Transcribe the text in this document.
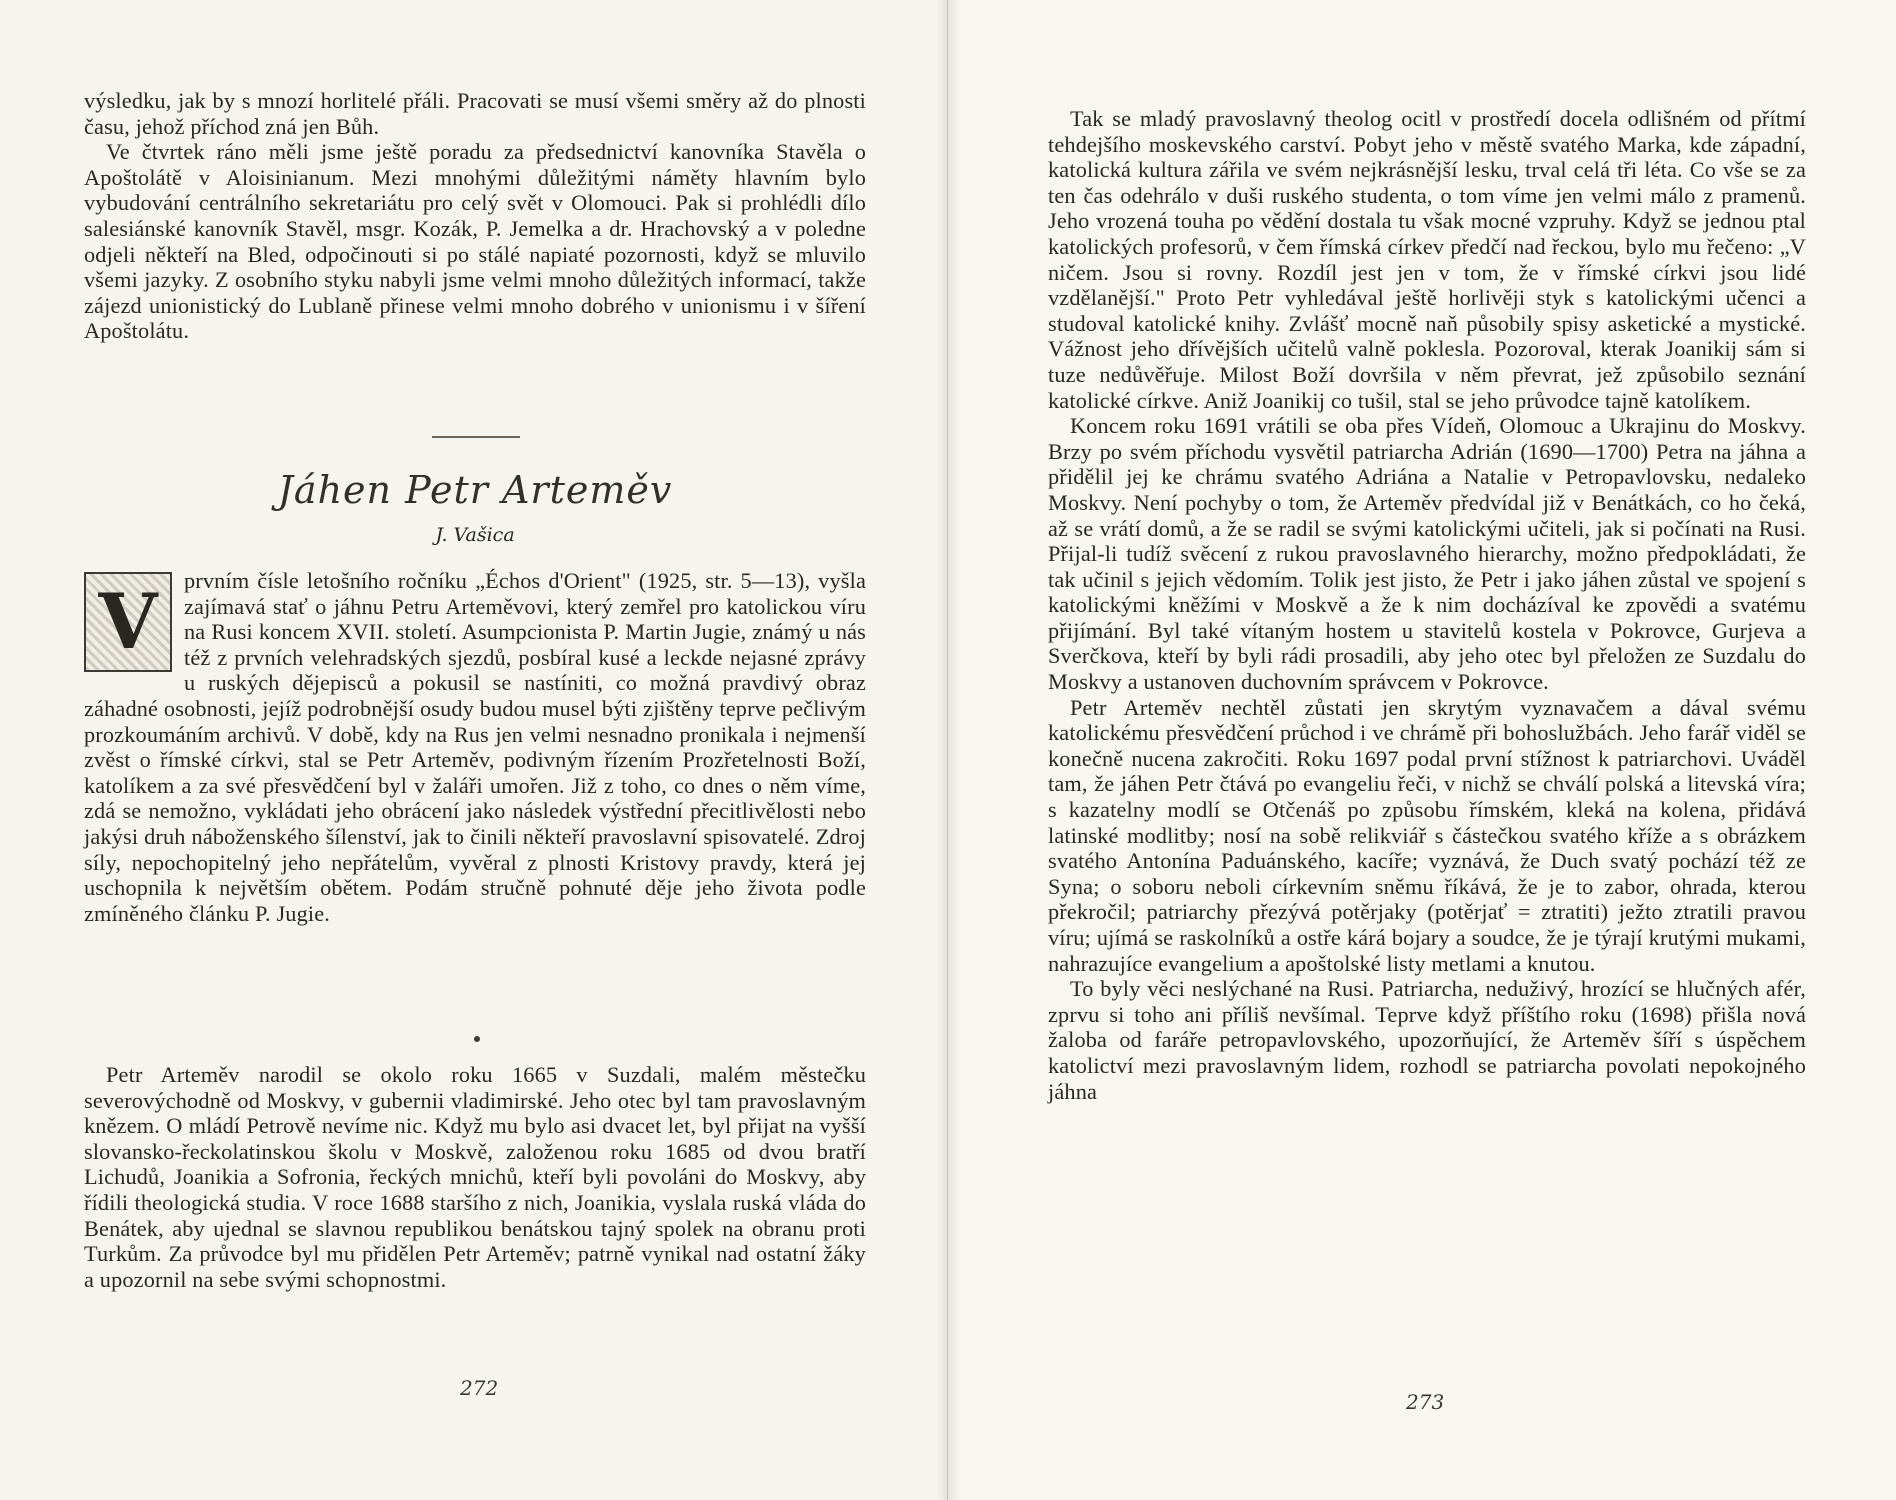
výsledku, jak by s mnozí horlitelé přáli. Pracovati se musí všemi směry až do plnosti času, jehož příchod zná jen Bůh.

Ve čtvrtek ráno měli jsme ještě poradu za předsednictví kanovníka Stavěla o Apoštolátě v Aloisinianum. Mezi mnohými důležitými náměty hlavním bylo vybudování centrálního sekretariátu pro celý svět v Olomouci. Pak si prohlédli dílo salesiánské kanovník Stavěl, msgr. Kozák, P. Jemelka a dr. Hrachovský a v poledne odjeli někteří na Bled, odpočinouti si po stálé napiaté pozornosti, když se mluvilo všemi jazyky. Z osobního styku nabyli jsme velmi mnoho důležitých informací, takže zájezd unionistický do Lublaně přinese velmi mnoho dobrého v unionismu i v šíření Apoštolátu.

Jáhen Petr Arteměv
J. Vašica
V	prvním čísle letošního ročníku „Échos d'Orient" (1925, str. 5—13), vyšla zajímavá stať o jáhnu Petru Arteměvovi, který zemřel pro katolickou víru na Rusi koncem XVII. století. Asumpcionista P. Martin Jugie, známý u nás též z prvních velehradských sjezdů, posbíral kusé a leckde nejasné zprávy u ruských dějepisců a pokusil se nastíniti, co možná pravdivý obraz záhadné osobnosti, jejíž podrobnější osudy budou musel býti zjištěny teprve pečlivým prozkoumáním archivů. V době, kdy na Rus jen velmi nesnadno pronikala i nejmenší zvěst o římské církvi, stal se Petr Arteměv, podivným řízením Prozřetelnosti Boží, katolíkem a za své přesvědčení byl v žaláři umořen. Již z toho, co dnes o něm víme, zdá se nemožno, vykládati jeho obrácení jako následek výstřední přecitlivělosti nebo jakýsi druh náboženského šílenství, jak to činili někteří pravoslavní spisovatelé. Zdroj síly, nepochopitelný jeho nepřátelům, vyvěral z plnosti Kristovy pravdy, která jej uschopnila k největším obětem. Podám stručně pohnuté děje jeho života podle zmíněného článku P. Jugie.

Petr Arteměv narodil se okolo roku 1665 v Suzdali, malém městečku severovýchodně od Moskvy, v gubernii vladimirské. Jeho otec byl tam pravoslavným knězem. O mládí Petrově nevíme nic. Když mu bylo asi dvacet let, byl přijat na vyšší slovansko-řeckolatinskou školu v Moskvě, založenou roku 1685 od dvou bratří Lichudů, Joanikia a Sofronia, řeckých mnichů, kteří byli povoláni do Moskvy, aby řídili theologická studia. V roce 1688 staršího z nich, Joanikia, vyslala ruská vláda do Benátek, aby ujednal se slavnou republikou benátskou tajný spolek na obranu proti Turkům. Za průvodce byl mu přidělen Petr Arteměv; patrně vynikal nad ostatní žáky a upozornil na sebe svými schopnostmi.

272

Tak se mladý pravoslavný theolog ocitl v prostředí docela odlišném od přítmí tehdejšího moskevského carství. Pobyt jeho v městě svatého Marka, kde západní, katolická kultura zářila ve svém nejkrásnější lesku, trval celá tři léta. Co vše se za ten čas odehrálo v duši ruského studenta, o tom víme jen velmi málo z pramenů. Jeho vrozená touha po vědění dostala tu však mocné vzpruhy. Když se jednou ptal katolických profesorů, v čem římská církev předčí nad řeckou, bylo mu řečeno: „V ničem. Jsou si rovny. Rozdíl jest jen v tom, že v římské církvi jsou lidé vzdělanější." Proto Petr vyhledával ještě horlivěji styk s katolickými učenci a studoval katolické knihy. Zvlášť mocně naň působily spisy asketické a mystické. Vážnost jeho dřívějších učitelů valně poklesla. Pozoroval, kterak Joanikij sám si tuze nedůvěřuje. Milost Boží dovršila v něm převrat, jež způsobilo seznání katolické církve. Aniž Joanikij co tušil, stal se jeho průvodce tajně katolíkem.

Koncem roku 1691 vrátili se oba přes Vídeň, Olomouc a Ukrajinu do Moskvy. Brzy po svém příchodu vysvětil patriarcha Adrián (1690—1700) Petra na jáhna a přidělil jej ke chrámu svatého Adriána a Natalie v Petropavlovsku, nedaleko Moskvy. Není pochyby o tom, že Arteměv předvídal již v Benátkách, co ho čeká, až se vrátí domů, a že se radil se svými katolickými učiteli, jak si počínati na Rusi. Přijal-li tudíž svěcení z rukou pravoslavného hierarchy, možno předpokládati, že tak učinil s jejich vědomím. Tolik jest jisto, že Petr i jako jáhen zůstal ve spojení s katolickými kněžími v Moskvě a že k nim docházíval ke zpovědi a svatému přijímání. Byl také vítaným hostem u stavitelů kostela v Pokrovce, Gurjeva a Sverčkova, kteří by byli rádi prosadili, aby jeho otec byl přeložen ze Suzdalu do Moskvy a ustanoven duchovním správcem v Pokrovce.

Petr Arteměv nechtěl zůstati jen skrytým vyznavačem a dával svému katolickému přesvědčení průchod i ve chrámě při bohoslužbách. Jeho farář viděl se konečně nucena zakročiti. Roku 1697 podal první stížnost k patriarchovi. Uváděl tam, že jáhen Petr čtává po evangeliu řeči, v nichž se chválí polská a litevská víra; s kazatelny modlí se Otčenáš po způsobu římském, kleká na kolena, přidává latinské modlitby; nosí na sobě relikviář s částečkou svatého kříže a s obrázkem svatého Antonína Paduánského, kacíře; vyznává, že Duch svatý pochází též ze Syna; o soboru neboli církevním sněmu říkává, že je to zabor, ohrada, kterou překročil; patriarchy přezývá potěrjaky (potěrjať = ztratiti) ježto ztratili pravou víru; ujímá se raskolníků a ostře kárá bojary a soudce, že je týrají krutými mukami, nahrazujíce evangelium a apoštolské listy metlami a knutou.

To byly věci neslýchané na Rusi. Patriarcha, neduživý, hrozící se hlučných afér, zprvu si toho ani příliš nevšímal. Teprve když příštího roku (1698) přišla nová žaloba od faráře petropavlovského, upozorňující, že Arteměv šíří s úspěchem katolictví mezi pravoslavným lidem, rozhodl se patriarcha povolati nepokojného jáhna

273
